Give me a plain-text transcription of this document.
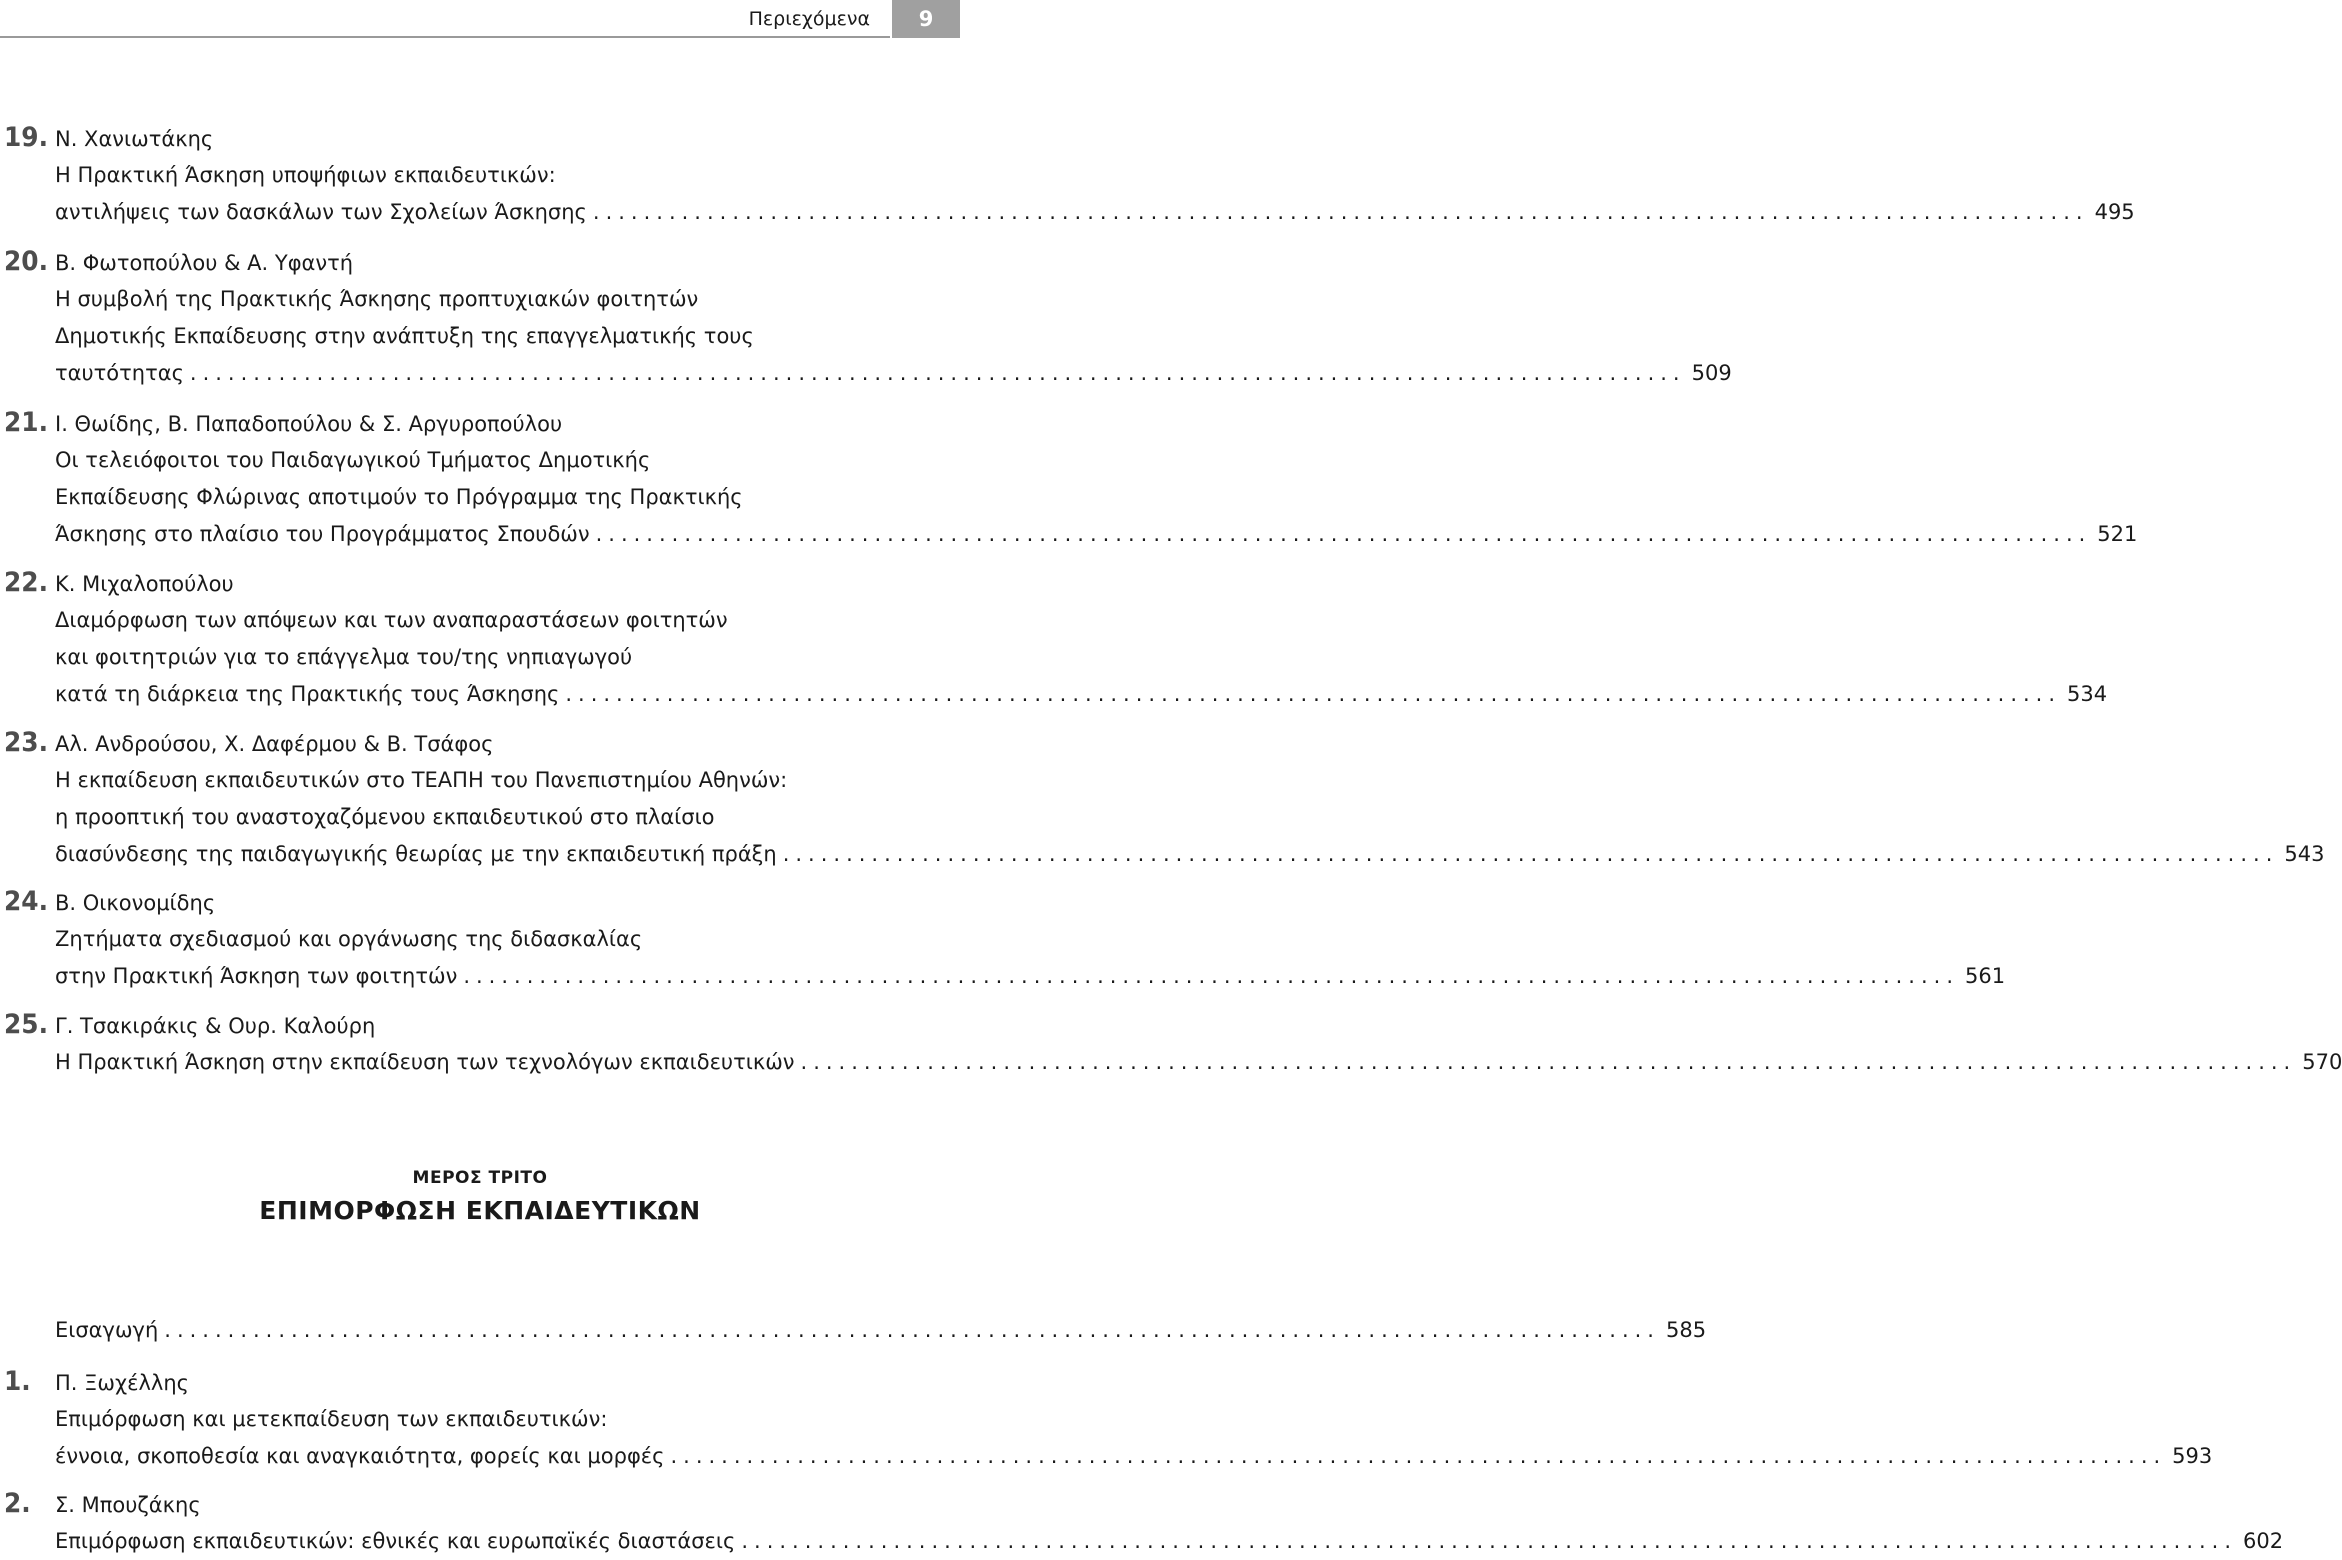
Περιεχόμενα	9
19. Ν. Χανιωτάκης
Η Πρακτική Άσκηση υποψήφιων εκπαιδευτικών:
αντιλήψεις των δασκάλων των Σχολείων Άσκησης ...................................................................................................................... 495
20. Β. Φωτοπούλου & Α. Υφαντή
Η συμβολή της Πρακτικής Άσκησης προπτυχιακών φοιτητών
Δημοτικής Εκπαίδευσης στην ανάπτυξη της επαγγελματικής τους
ταυτότητας ...................................................................................................................... 509
21. Ι. Θωίδης, Β. Παπαδοπούλου & Σ. Αργυροπούλου
Οι τελειόφοιτοι του Παιδαγωγικού Τμήματος Δημοτικής
Εκπαίδευσης Φλώρινας αποτιμούν το Πρόγραμμα της Πρακτικής
Άσκησης στο πλαίσιο του Προγράμματος Σπουδών ...................................................................................................................... 521
22. Κ. Μιχαλοπούλου
Διαμόρφωση των απόψεων και των αναπαραστάσεων φοιτητών
και φοιτητριών για το επάγγελμα του/της νηπιαγωγού
κατά τη διάρκεια της Πρακτικής τους Άσκησης ...................................................................................................................... 534
23. Αλ. Ανδρούσου, Χ. Δαφέρμου & Β. Τσάφος
Η εκπαίδευση εκπαιδευτικών στο ΤΕΑΠΗ του Πανεπιστημίου Αθηνών:
η προοπτική του αναστοχαζόμενου εκπαιδευτικού στο πλαίσιο
διασύνδεσης της παιδαγωγικής θεωρίας με την εκπαιδευτική πράξη ...................................................................................................................... 543
24. Β. Οικονομίδης
Ζητήματα σχεδιασμού και οργάνωσης της διδασκαλίας
στην Πρακτική Άσκηση των φοιτητών ...................................................................................................................... 561
25. Γ. Τσακιράκις & Ουρ. Καλούρη
Η Πρακτική Άσκηση στην εκπαίδευση των τεχνολόγων εκπαιδευτικών ...................................................................................................................... 570
ΜΕΡΟΣ ΤΡΙΤΟ
ΕΠΙΜΟΡΦΩΣΗ ΕΚΠΑΙΔΕΥΤΙΚΩΝ
Εισαγωγή ...................................................................................................................... 585
1. Π. Ξωχέλλης
Επιμόρφωση και μετεκπαίδευση των εκπαιδευτικών:
έννοια, σκοποθεσία και αναγκαιότητα, φορείς και μορφές ...................................................................................................................... 593
2. Σ. Μπουζάκης
Επιμόρφωση εκπαιδευτικών: εθνικές και ευρωπαϊκές διαστάσεις ...................................................................................................................... 602
